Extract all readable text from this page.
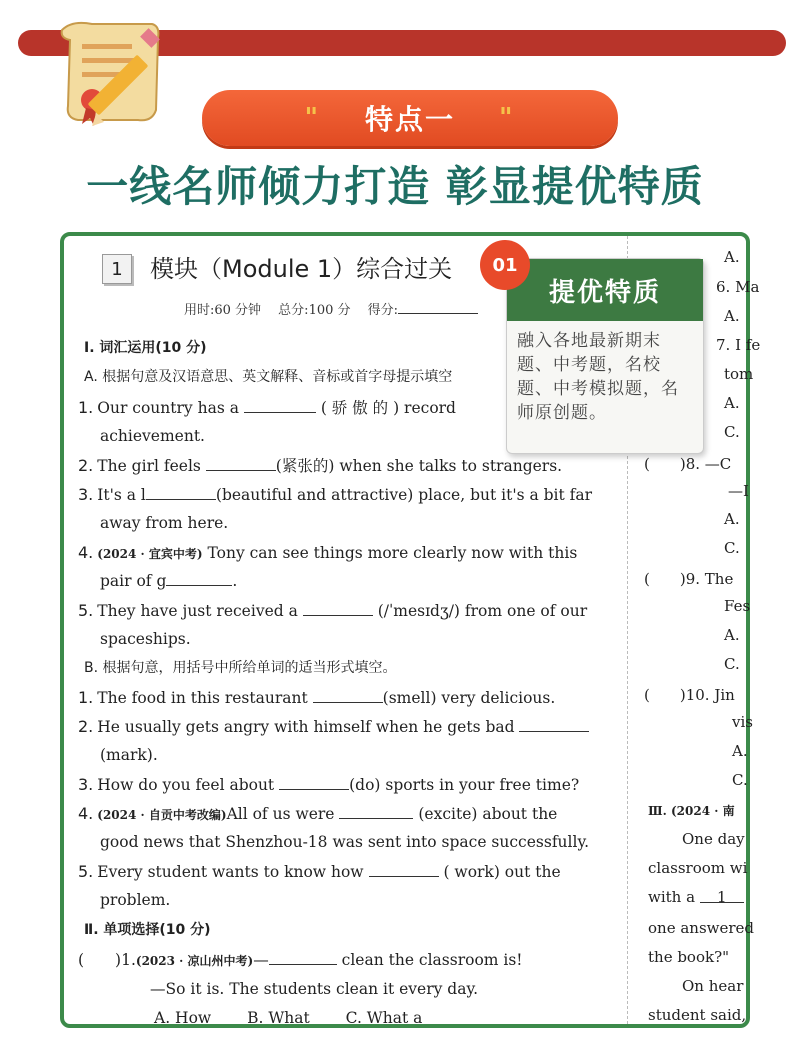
" 特点一 "
一线名师倾力打造 彰显提优特质
1	模块（Module 1）综合过关
用时:60 分钟　 总分:100 分　 得分:
Ⅰ. 词汇运用(10 分)
A. 根据句意及汉语意思、英文解释、音标或首字母提示填空
1. Our country has a	( 骄 傲 的 ) record
achievement.
2. The girl feels	(紧张的) when she talks to strangers.
3. It's a l	(beautiful and attractive) place, but it's a bit far
away from here.
4. (2024 · 宜宾中考) Tony can see things more clearly now with this
pair of g	.
5. They have just received a	(/ˈmesɪdʒ/) from one of our
spaceships.
B. 根据句意，用括号中所给单词的适当形式填空。
1. The food in this restaurant	(smell) very delicious.
2. He usually gets angry with himself when he gets bad
(mark).
3. How do you feel about	(do) sports in your free time?
4. (2024 · 自贡中考改编)All of us were	(excite) about the
good news that Shenzhou-18 was sent into space successfully.
5. Every student wants to know how	( work) out the
problem.
Ⅱ. 单项选择(10 分)
(　　)1.(2023 · 凉山州中考)—	clean the classroom is!
—So it is. The students clean it every day.
A. How　　 B. What　　 C. What a
A.
6. Ma
A.
7. I fe
tom
A.
C.
(　　)8. —C
—I
A.
C.
(　　)9. The
Fes
A.
C.
(　　)10. Jin
vis
A.
C.
Ⅲ. (2024 · 南
One day
classroom wi
with a 1
one answered
the book?"
On hear
student said,
01
提优特质
融入各地最新期末题、中考题，名校题、中考模拟题，名师原创题。
